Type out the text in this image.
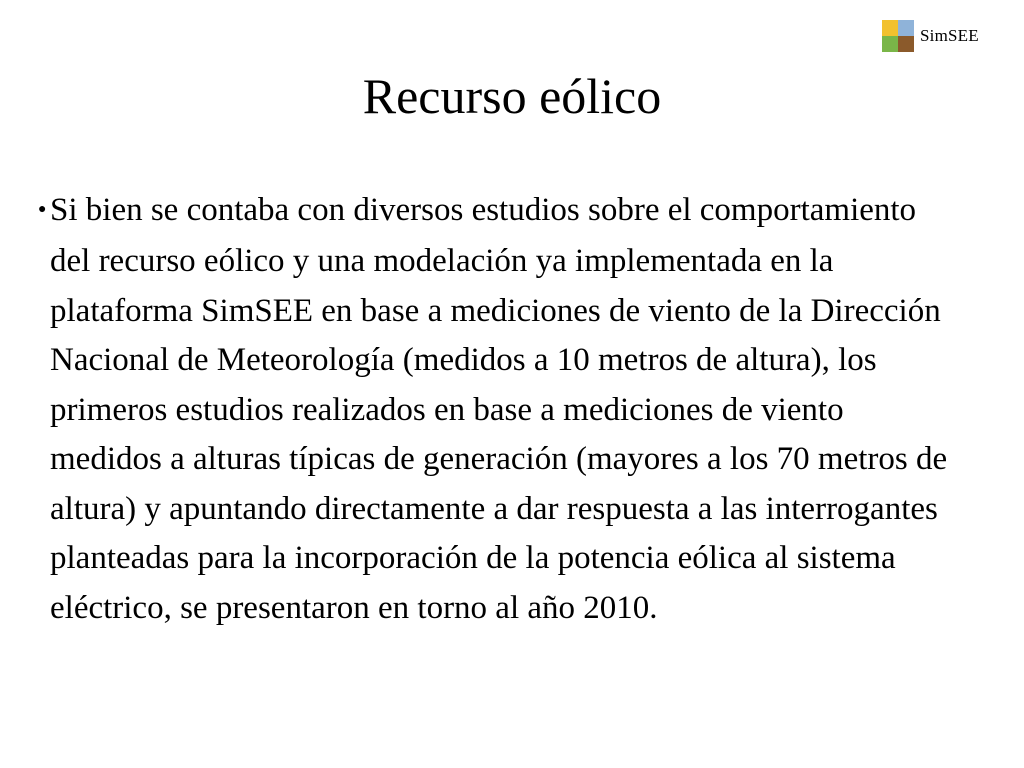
SimSEE
Recurso eólico

● Si bien se contaba con diversos estudios sobre el comportamiento del recurso eólico y una modelación ya implementada en la plataforma SimSEE en base a mediciones de viento de la Dirección Nacional de Meteorología (medidos a 10 metros de altura), los primeros estudios realizados en base a mediciones de viento medidos a alturas típicas de generación (mayores a los 70 metros de altura) y apuntando directamente a dar respuesta a las interrogantes planteadas para la incorporación de la potencia eólica al sistema eléctrico, se presentaron en torno al año 2010.
